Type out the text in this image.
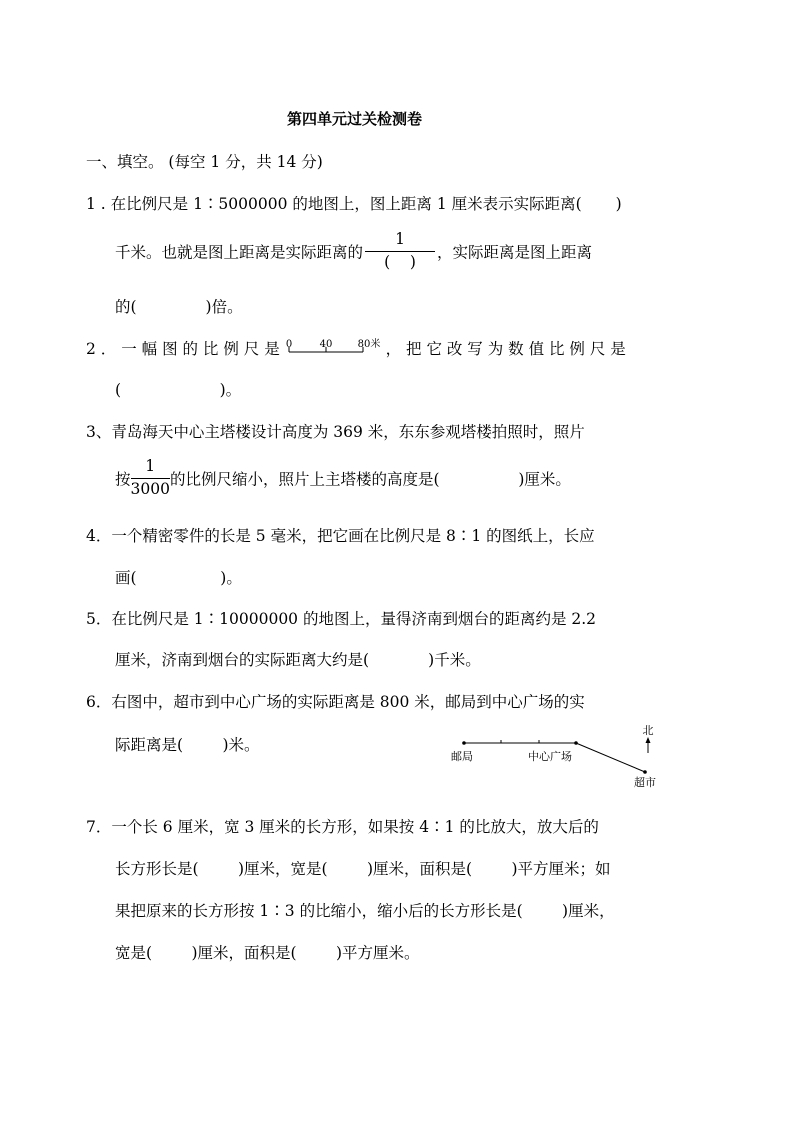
第四单元过关检测卷
一、填空。 (每空 1 分，共 14 分)
1 . 在比例尺是 1∶5000000 的地图上，图上距离 1 厘米表示实际距离( )
千米。也就是图上距离是实际距离的 $\frac{1}{( )}$ ，实际距离是图上距离
的(              )倍。
2 ． 一 幅 图 的 比 例 尺 是 0	40	80米 ， 把 它 改 写 为 数 值 比 例 尺 是
(                    )。
3、青岛海天中心主塔楼设计高度为 369 米，东东参观塔楼拍照时，照片
按 $\frac{1}{3000}$ 的比例尺缩小，照片上主塔楼的高度是(                )厘米。
4．一个精密零件的长是 5 毫米，把它画在比例尺是 8∶1 的图纸上，长应
画(                 )。
5．在比例尺是 1∶10000000 的地图上，量得济南到烟台的距离约是 2.2
厘米，济南到烟台的实际距离大约是(            )千米。
6．右图中，超市到中心广场的实际距离是 800 米，邮局到中心广场的实
际距离是(        )米。
北
邮局	中心广场
超市
7．一个长 6 厘米，宽 3 厘米的长方形，如果按 4∶1 的比放大，放大后的
长方形长是(        )厘米，宽是(        )厘米，面积是(        )平方厘米；如
果把原来的长方形按 1∶3 的比缩小，缩小后的长方形长是(        )厘米，
宽是(        )厘米，面积是(        )平方厘米。
